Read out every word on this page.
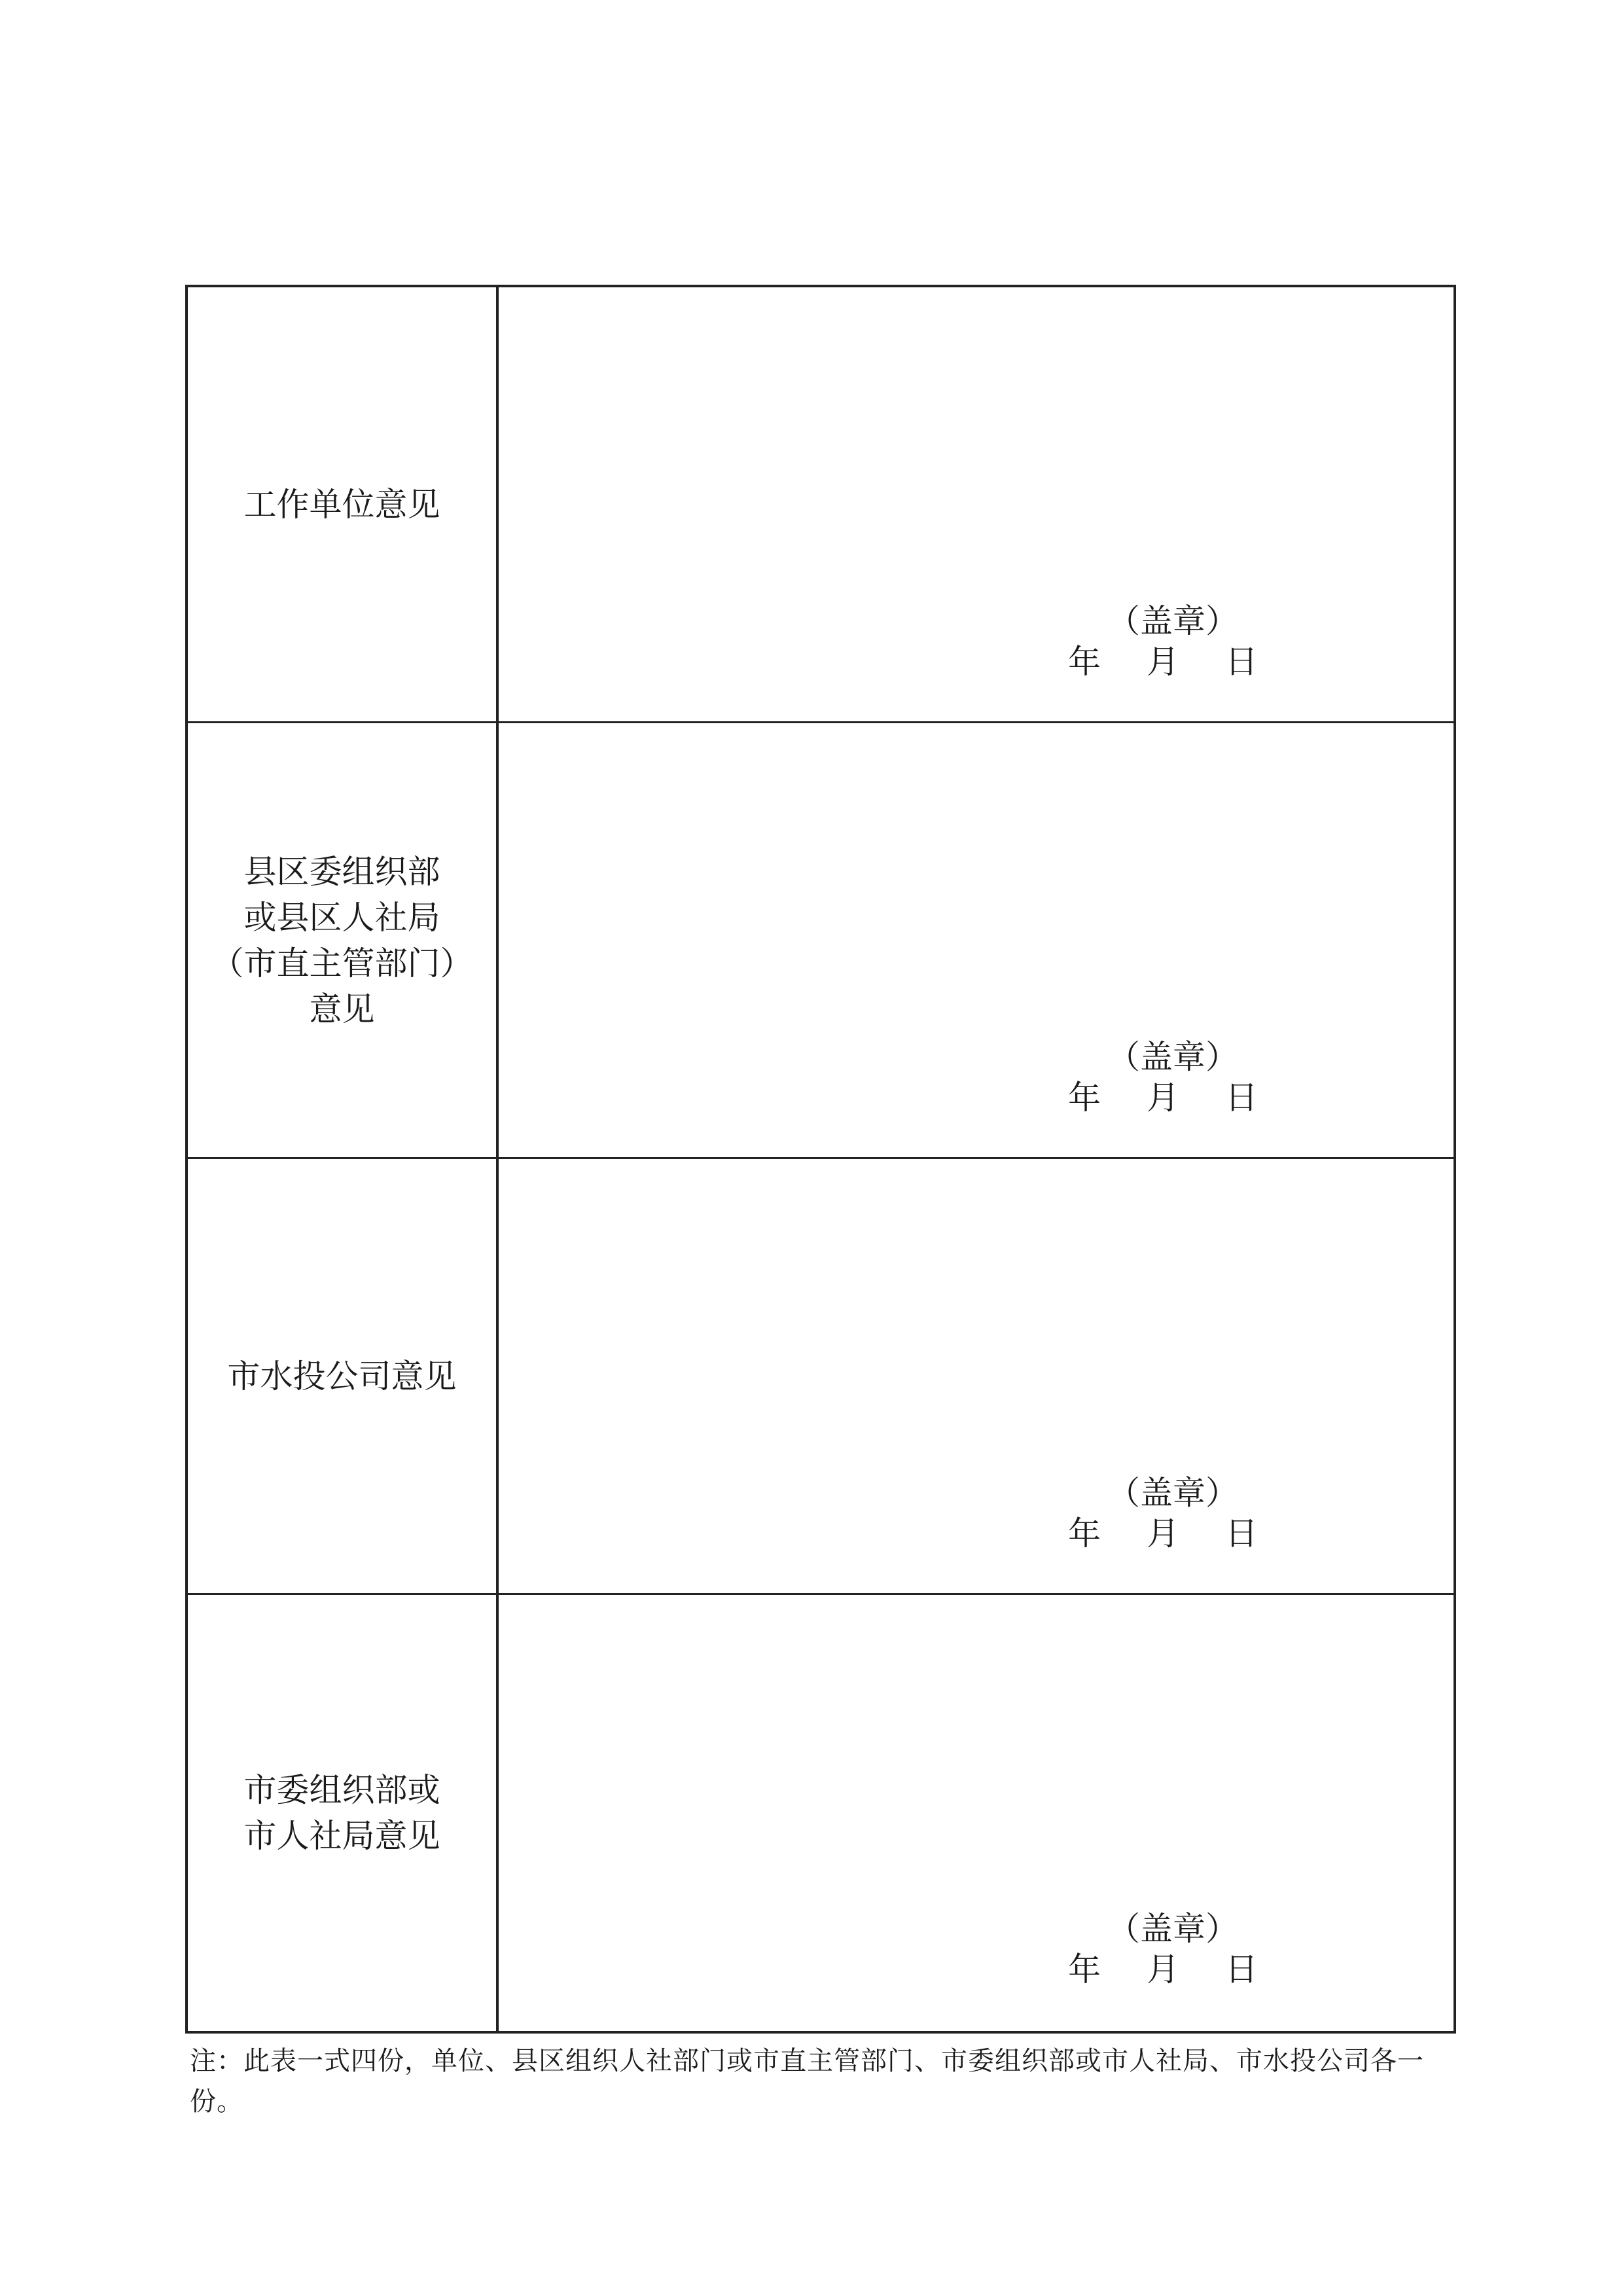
工作单位意见
（盖章）
年 月 日
县区委组织部
或县区人社局
（市直主管部门）
意见
（盖章）
年 月 日
市水投公司意见
（盖章）
年 月 日
市委组织部或
市人社局意见
（盖章）
年 月 日
注：此表一式四份，单位、县区组织人社部门或市直主管部门、市委组织部或市人社局、市水投公司各一份。
